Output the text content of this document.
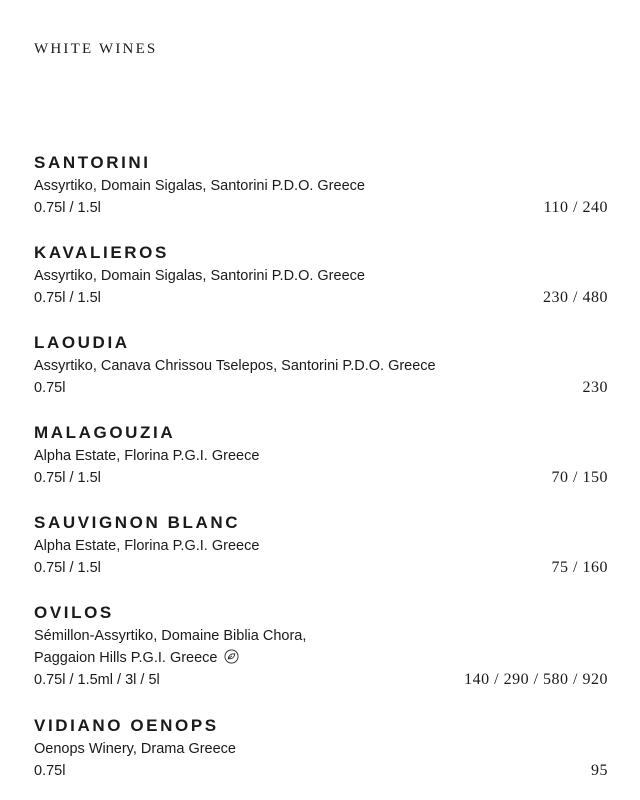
WHITE WINES
SANTORINI
Assyrtiko, Domain Sigalas, Santorini P.D.O. Greece
0.75l / 1.5l	110 / 240
KAVALIEROS
Assyrtiko, Domain Sigalas, Santorini P.D.O. Greece
0.75l / 1.5l	230 / 480
LAOUDIA
Assyrtiko, Canava Chrissou Tselepos, Santorini P.D.O. Greece
0.75l	230
MALAGOUZIA
Alpha Estate, Florina P.G.I. Greece
0.75l / 1.5l	70 / 150
SAUVIGNON BLANC
Alpha Estate, Florina P.G.I. Greece
0.75l / 1.5l	75 / 160
OVILOS
Sémillon-Assyrtiko, Domaine Biblia Chora,
Paggaion Hills P.G.I. Greece
0.75l / 1.5ml / 3l / 5l	140 / 290 / 580 / 920
VIDIANO OENOPS
Oenops Winery, Drama Greece
0.75l	95
